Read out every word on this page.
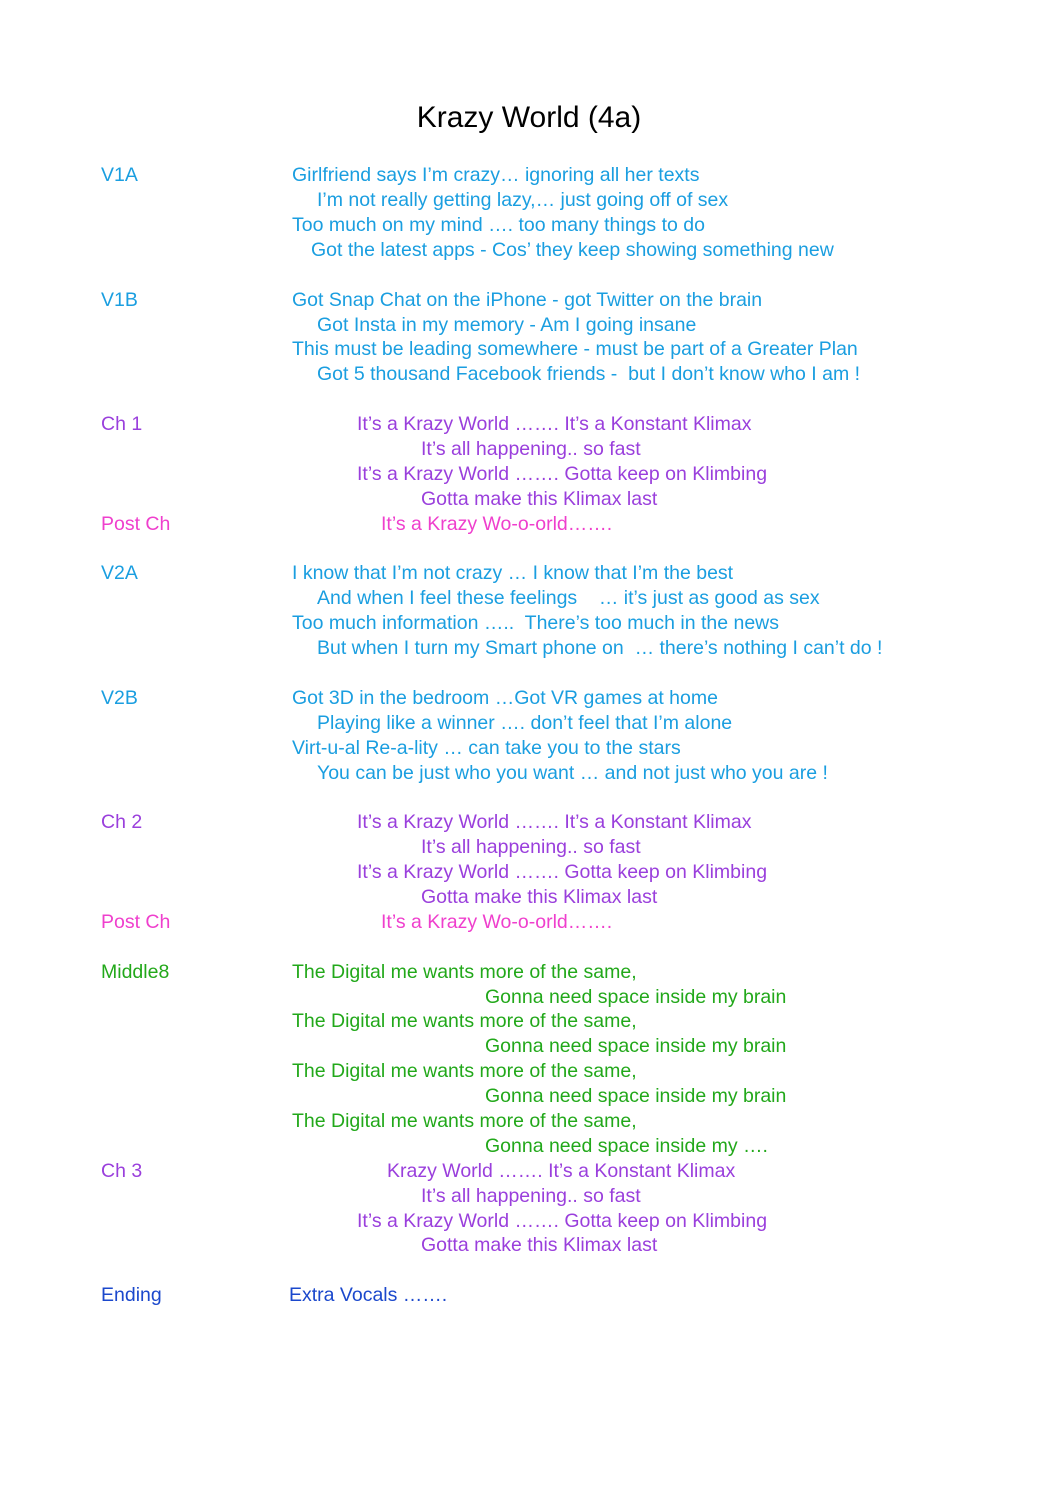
Krazy World (4a)
V1A	Girlfriend says I’m crazy… ignoring all her texts
I’m not really getting lazy,… just going off of sex
Too much on my mind …. too many things to do
Got the latest apps - Cos’ they keep showing something new
V1B	Got Snap Chat on the iPhone - got Twitter on the brain
Got Insta in my memory - Am I going insane
This must be leading somewhere - must be part of a Greater Plan
Got 5 thousand Facebook friends -  but I don’t know who I am !
Ch 1	It’s a Krazy World ……. It’s a Konstant Klimax
It’s all happening.. so fast
It’s a Krazy World ……. Gotta keep on Klimbing
Gotta make this Klimax last
Post Ch	It’s a Krazy Wo-o-orld…….
V2A	I know that I’m not crazy … I know that I’m the best
And when I feel these feelings    … it’s just as good as sex
Too much information …..  There’s too much in the news
But when I turn my Smart phone on  … there’s nothing I can’t do !
V2B	Got 3D in the bedroom …Got VR games at home
Playing like a winner …. don’t feel that I’m alone
Virt-u-al Re-a-lity … can take you to the stars
You can be just who you want … and not just who you are !
Ch 2	It’s a Krazy World ……. It’s a Konstant Klimax
It’s all happening.. so fast
It’s a Krazy World ……. Gotta keep on Klimbing
Gotta make this Klimax last
Post Ch	It’s a Krazy Wo-o-orld…….
Middle8	The Digital me wants more of the same,
Gonna need space inside my brain
The Digital me wants more of the same,
Gonna need space inside my brain
The Digital me wants more of the same,
Gonna need space inside my brain
The Digital me wants more of the same,
Gonna need space inside my ….
Ch 3	Krazy World ……. It’s a Konstant Klimax
It’s all happening.. so fast
It’s a Krazy World ……. Gotta keep on Klimbing
Gotta make this Klimax last
Ending	Extra Vocals …….
